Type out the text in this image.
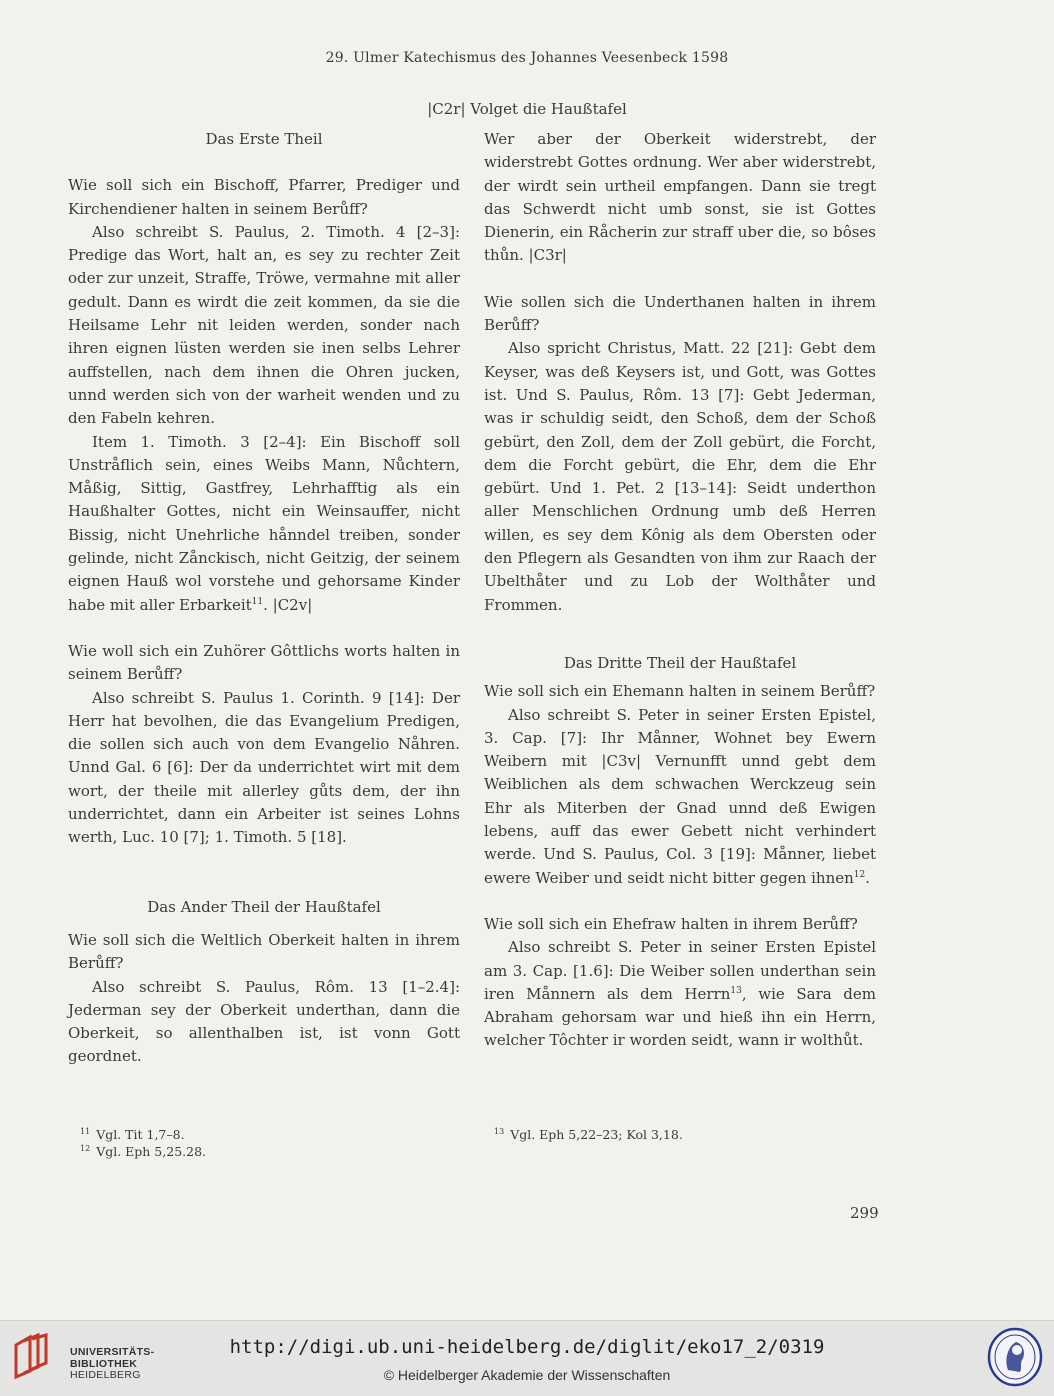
29. Ulmer Katechismus des Johannes Veesenbeck 1598
|C2r| Volget die Haußtafel
Das Erste Theil

Wie soll sich ein Bischoff, Pfarrer, Prediger und Kirchendiener halten in seinem Berůff?

Also schreibt S. Paulus, 2. Timoth. 4 [2–3]: Predige das Wort, halt an, es sey zu rechter Zeit oder zur unzeit, Straffe, Tröwe, vermahne mit aller gedult. Dann es wirdt die zeit kommen, da sie die Heilsame Lehr nit leiden werden, sonder nach ihren eignen lüsten werden sie inen selbs Lehrer auffstellen, nach dem ihnen die Ohren jucken, unnd werden sich von der warheit wenden und zu den Fabeln kehren.

Item 1. Timoth. 3 [2–4]: Ein Bischoff soll Unstråflich sein, eines Weibs Mann, Nůchtern, Måßig, Sittig, Gastfrey, Lehrhafftig als ein Haußhalter Gottes, nicht ein Weinsauffer, nicht Bissig, nicht Unehrliche hånndel treiben, sonder gelinde, nicht Zånckisch, nicht Geitzig, der seinem eignen Hauß wol vorstehe und gehorsame Kinder habe mit aller Erbarkeit$^{11}$. |C2v|

Wie woll sich ein Zuhörer Gôttlichs worts halten in seinem Berůff?

Also schreibt S. Paulus 1. Corinth. 9 [14]: Der Herr hat bevolhen, die das Evangelium Predigen, die sollen sich auch von dem Evangelio Nåhren. Unnd Gal. 6 [6]: Der da underrichtet wirt mit dem wort, der theile mit allerley gůts dem, der ihn underrichtet, dann ein Arbeiter ist seines Lohns werth, Luc. 10 [7]; 1. Timoth. 5 [18].

Das Ander Theil der Haußtafel

Wie soll sich die Weltlich Oberkeit halten in ihrem Berůff?

Also schreibt S. Paulus, Rôm. 13 [1–2.4]: Jederman sey der Oberkeit underthan, dann die Oberkeit, so allenthalben ist, ist vonn Gott geordnet.

Wer aber der Oberkeit widerstrebt, der widerstrebt Gottes ordnung. Wer aber widerstrebt, der wirdt sein urtheil empfangen. Dann sie tregt das Schwerdt nicht umb sonst, sie ist Gottes Dienerin, ein Råcherin zur straff uber die, so bôses thůn. |C3r|

Wie sollen sich die Underthanen halten in ihrem Berůff?

Also spricht Christus, Matt. 22 [21]: Gebt dem Keyser, was deß Keysers ist, und Gott, was Gottes ist. Und S. Paulus, Rôm. 13 [7]: Gebt Jederman, was ir schuldig seidt, den Schoß, dem der Schoß gebürt, den Zoll, dem der Zoll gebürt, die Forcht, dem die Forcht gebürt, die Ehr, dem die Ehr gebürt. Und 1. Pet. 2 [13–14]: Seidt underthon aller Menschlichen Ordnung umb deß Herren willen, es sey dem Kônig als dem Obersten oder den Pflegern als Gesandten von ihm zur Raach der Ubelthåter und zu Lob der Wolthåter und Frommen.

Das Dritte Theil der Haußtafel

Wie soll sich ein Ehemann halten in seinem Berůff?

Also schreibt S. Peter in seiner Ersten Epistel, 3. Cap. [7]: Ihr Månner, Wohnet bey Ewern Weibern mit |C3v| Vernunfft unnd gebt dem Weiblichen als dem schwachen Werckzeug sein Ehr als Miterben der Gnad unnd deß Ewigen lebens, auff das ewer Gebett nicht verhindert werde. Und S. Paulus, Col. 3 [19]: Månner, liebet ewere Weiber und seidt nicht bitter gegen ihnen$^{12}$.

Wie soll sich ein Ehefraw halten in ihrem Berůff?

Also schreibt S. Peter in seiner Ersten Epistel am 3. Cap. [1.6]: Die Weiber sollen underthan sein iren Månnern als dem Herrn$^{13}$, wie Sara dem Abraham gehorsam war und hieß ihn ein Herrn, welcher Tôchter ir worden seidt, wann ir wolthůt.

$^{11}$ Vgl. Tit 1,7–8.
$^{12}$ Vgl. Eph 5,25.28.
$^{13}$ Vgl. Eph 5,22–23; Kol 3,18.
299
UNIVERSITÄTS-
BIBLIOTHEK
HEIDELBERG
http://digi.ub.uni-heidelberg.de/diglit/eko17_2/0319
© Heidelberger Akademie der Wissenschaften
